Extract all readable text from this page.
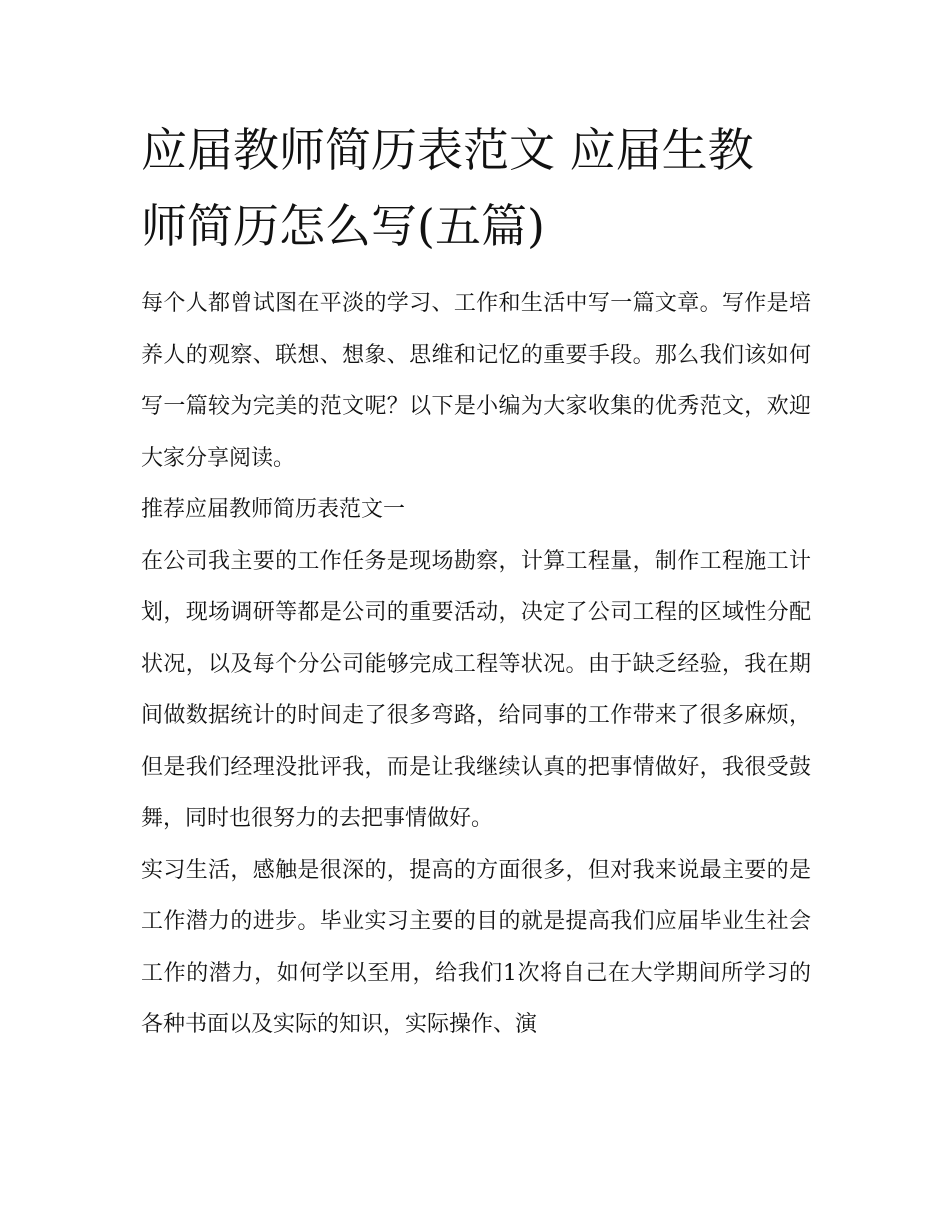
应届教师简历表范文 应届生教
师简历怎么写(五篇)

每个人都曾试图在平淡的学习、工作和生活中写一篇文章。写作是培养人的观察、联想、想象、思维和记忆的重要手段。那么我们该如何写一篇较为完美的范文呢？以下是小编为大家收集的优秀范文，欢迎大家分享阅读。

推荐应届教师简历表范文一

在公司我主要的工作任务是现场勘察，计算工程量，制作工程施工计划，现场调研等都是公司的重要活动，决定了公司工程的区域性分配状况，以及每个分公司能够完成工程等状况。由于缺乏经验，我在期间做数据统计的时间走了很多弯路，给同事的工作带来了很多麻烦，但是我们经理没批评我，而是让我继续认真的把事情做好，我很受鼓舞，同时也很努力的去把事情做好。

实习生活，感触是很深的，提高的方面很多，但对我来说最主要的是工作潜力的进步。毕业实习主要的目的就是提高我们应届毕业生社会工作的潜力，如何学以至用，给我们1次将自己在大学期间所学习的各种书面以及实际的知识，实际操作、演
